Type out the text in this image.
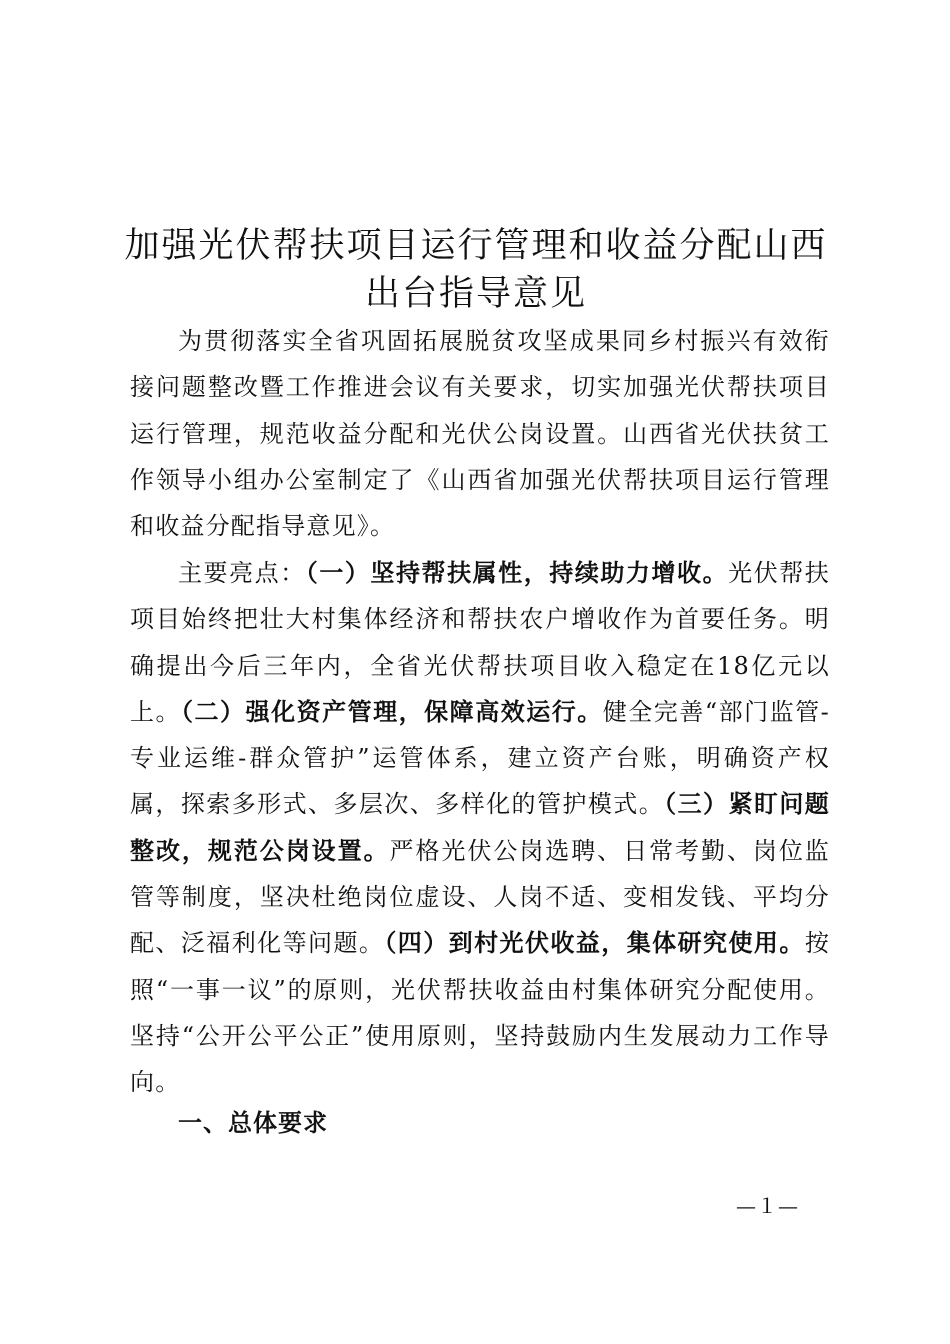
加强光伏帮扶项目运行管理和收益分配山西出台指导意见

为贯彻落实全省巩固拓展脱贫攻坚成果同乡村振兴有效衔接问题整改暨工作推进会议有关要求，切实加强光伏帮扶项目运行管理，规范收益分配和光伏公岗设置。山西省光伏扶贫工作领导小组办公室制定了《山西省加强光伏帮扶项目运行管理和收益分配指导意见》。

主要亮点：（一）坚持帮扶属性，持续助力增收。光伏帮扶项目始终把壮大村集体经济和帮扶农户增收作为首要任务。明确提出今后三年内，全省光伏帮扶项目收入稳定在18亿元以上。（二）强化资产管理，保障高效运行。健全完善“部门监管-专业运维-群众管护”运管体系，建立资产台账，明确资产权属，探索多形式、多层次、多样化的管护模式。（三）紧盯问题整改，规范公岗设置。严格光伏公岗选聘、日常考勤、岗位监管等制度，坚决杜绝岗位虚设、人岗不适、变相发钱、平均分配、泛福利化等问题。（四）到村光伏收益，集体研究使用。按照“一事一议”的原则，光伏帮扶收益由村集体研究分配使用。坚持“公开公平公正”使用原则，坚持鼓励内生发展动力工作导向。

一、总体要求
—１—
